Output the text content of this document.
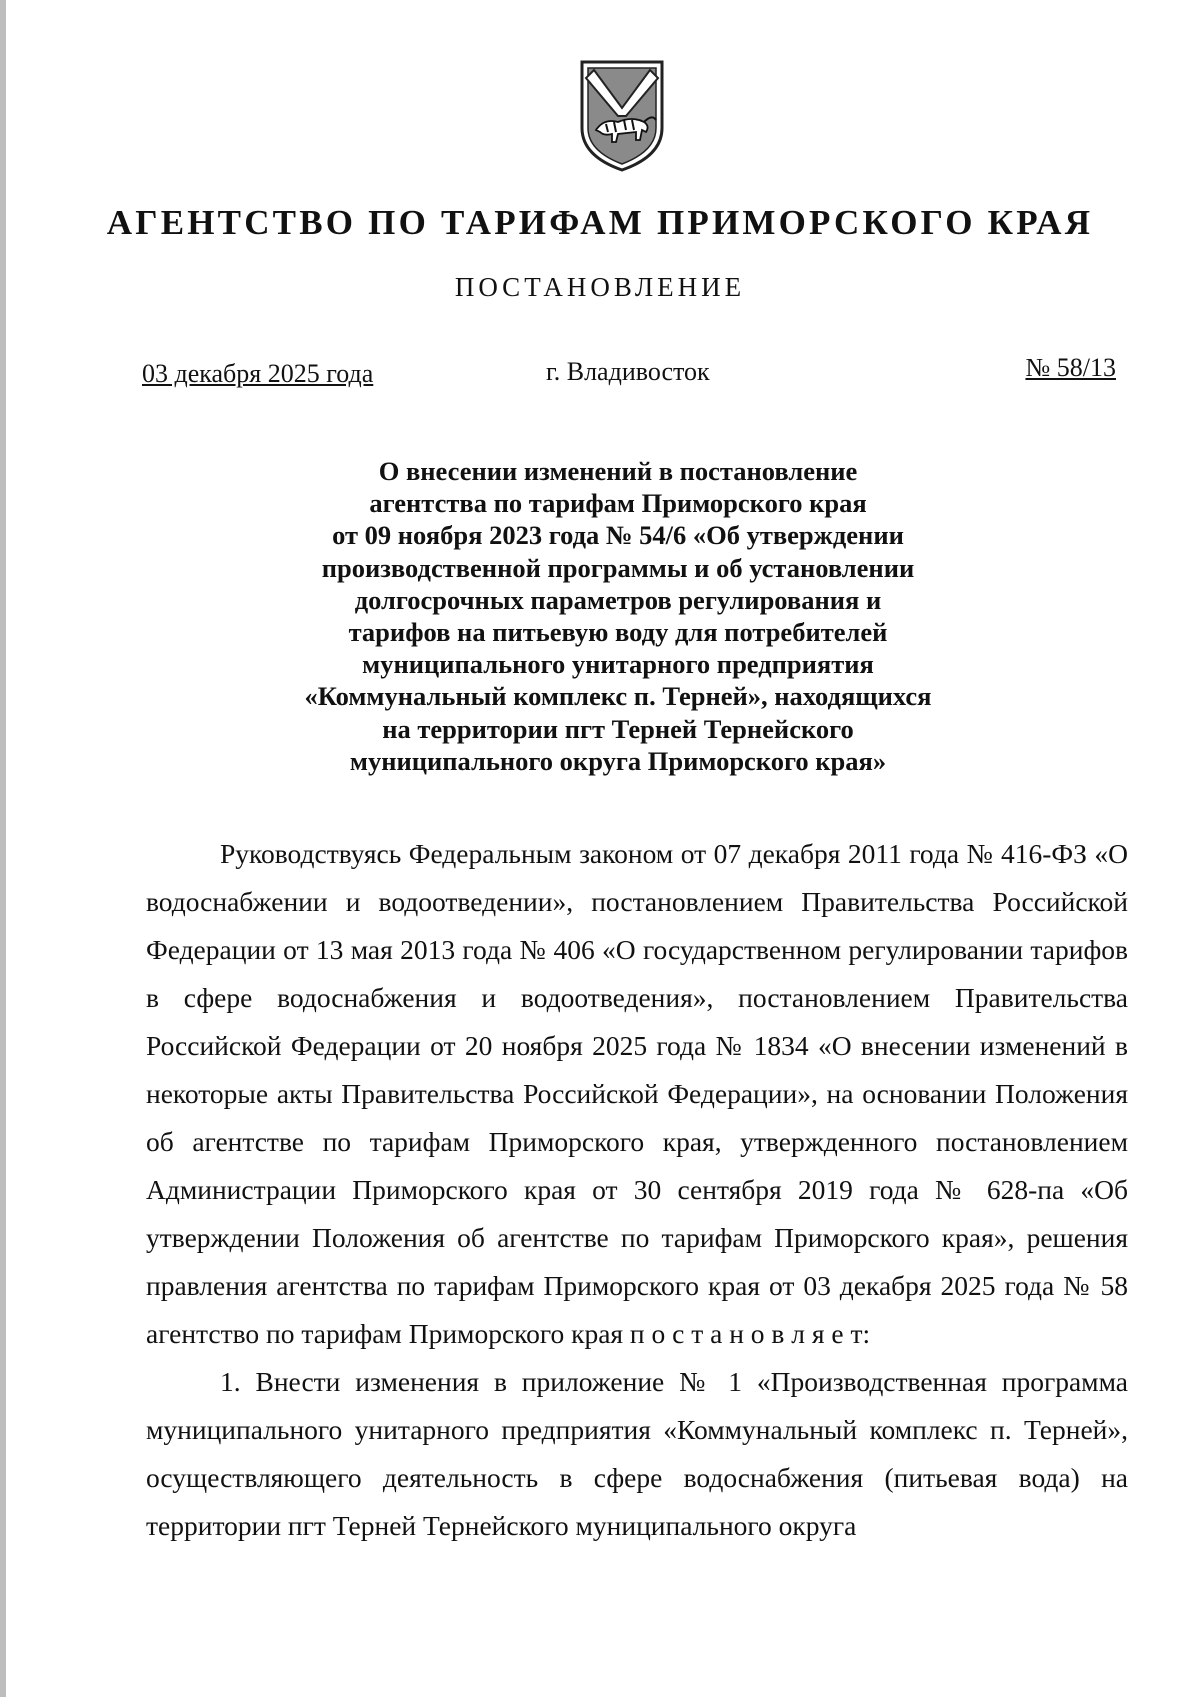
АГЕНТСТВО ПО ТАРИФАМ ПРИМОРСКОГО КРАЯ
ПОСТАНОВЛЕНИЕ
03 декабря 2025 года	г. Владивосток	№ 58/13
О внесении изменений в постановление
агентства по тарифам Приморского края
от 09 ноября 2023 года № 54/6 «Об утверждении
производственной программы и об установлении
долгосрочных параметров регулирования и
тарифов на питьевую воду для потребителей
муниципального унитарного предприятия
«Коммунальный комплекс п. Терней», находящихся
на территории пгт Терней Тернейского
муниципального округа Приморского края»

Руководствуясь Федеральным законом от 07 декабря 2011 года № 416-ФЗ «О водоснабжении и водоотведении», постановлением Правительства Российской Федерации от 13 мая 2013 года № 406 «О государственном регулировании тарифов в сфере водоснабжения и водоотведения», постановлением Правительства Российской Федерации от 20 ноября 2025 года № 1834 «О внесении изменений в некоторые акты Правительства Российской Федерации», на основании Положения об агентстве по тарифам Приморского края, утвержденного постановлением Администрации Приморского края от 30 сентября 2019 года № 628-па «Об утверждении Положения об агентстве по тарифам Приморского края», решения правления агентства по тарифам Приморского края от 03 декабря 2025 года № 58 агентство по тарифам Приморского края п о с т а н о в л я е т:

1. Внести изменения в приложение № 1 «Производственная программа муниципального унитарного предприятия «Коммунальный комплекс п. Терней», осуществляющего деятельность в сфере водоснабжения (питьевая вода) на территории пгт Терней Тернейского муниципального округа
